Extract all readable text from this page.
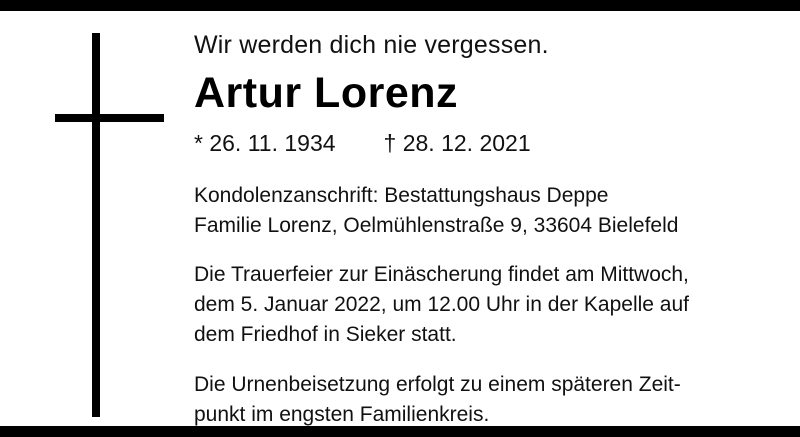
Wir werden dich nie vergessen.

Artur Lorenz

* 26. 11. 1934 † 28. 12. 2021

Kondolenzanschrift: Bestattungshaus Deppe
Familie Lorenz, Oelmühlenstraße 9, 33604 Bielefeld

Die Trauerfeier zur Einäscherung findet am Mittwoch,
dem 5. Januar 2022, um 12.00 Uhr in der Kapelle auf
dem Friedhof in Sieker statt.

Die Urnenbeisetzung erfolgt zu einem späteren Zeit-
punkt im engsten Familienkreis.
